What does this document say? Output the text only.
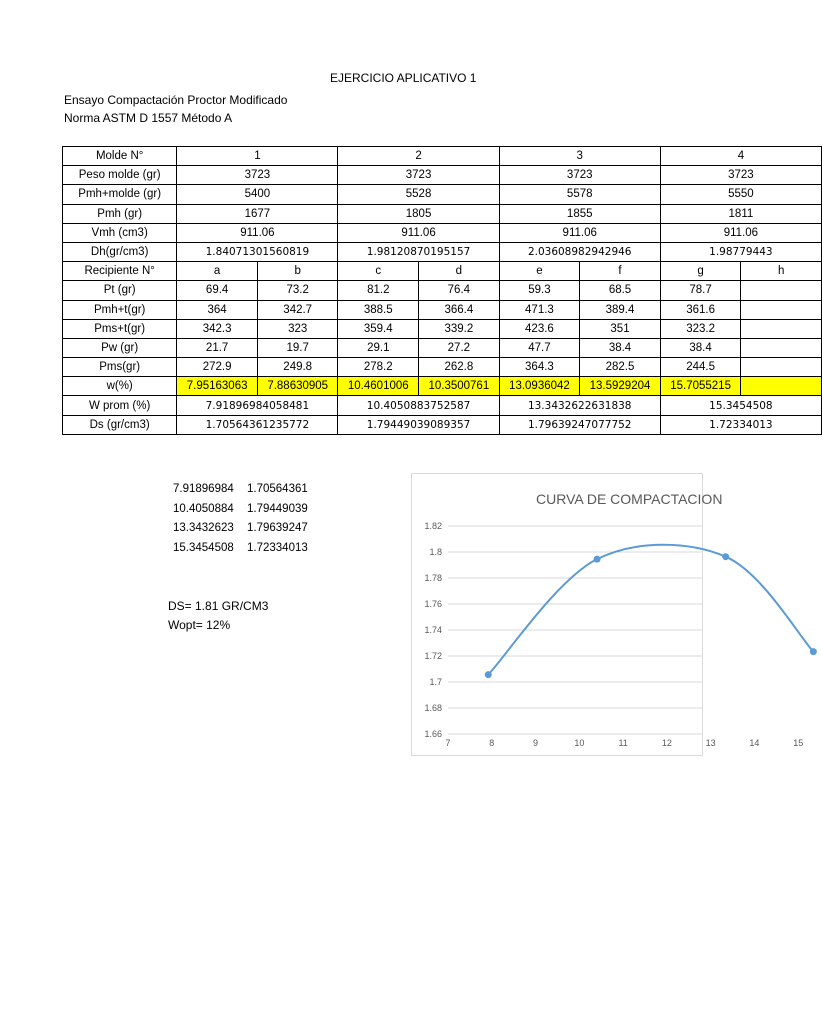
EJERCICIO APLICATIVO 1
Ensayo Compactación Proctor Modificado
Norma ASTM D 1557 Método A
Molde N°	1		2		3		4	
Peso molde (gr)	3723		3723		3723		3723	
Pmh+molde (gr)	5400		5528		5578		5550	
Pmh (gr)	1677		1805		1855		1811	
Vmh (cm3)	911.06		911.06		911.06		911.06	
Dh(gr/cm3)	1.84071301560819		1.98120870195157		2.03608982942946		1.98779443	
Recipiente N°	a	b	c	d	e	f	g	h
Pt (gr)	69.4	73.2	81.2	76.4	59.3	68.5	78.7	
Pmh+t(gr)	364	342.7	388.5	366.4	471.3	389.4	361.6	
Pms+t(gr)	342.3	323	359.4	339.2	423.6	351	323.2	
Pw (gr)	21.7	19.7	29.1	27.2	47.7	38.4	38.4	
Pms(gr)	272.9	249.8	278.2	262.8	364.3	282.5	244.5	
w(%)	7.95163063	7.88630905	10.4601006	10.3500761	13.0936042	13.5929204	15.7055215	
W prom (%)	7.91896984058481		10.4050883752587		13.3432622631838		15.3454508	
Ds (gr/cm3)	1.70564361235772		1.79449039089357		1.79639247077752		1.72334013	
7.91896984 1.70564361
10.4050884 1.79449039
13.3432623 1.79639247
15.3454508 1.72334013
DS= 1.81 GR/CM3
Wopt= 12%
CURVA DE COMPACTACION
1.66
1.68
1.7
1.72
1.74
1.76
1.78
1.8
1.82
7	8	9	10	11	12	13	14	15
